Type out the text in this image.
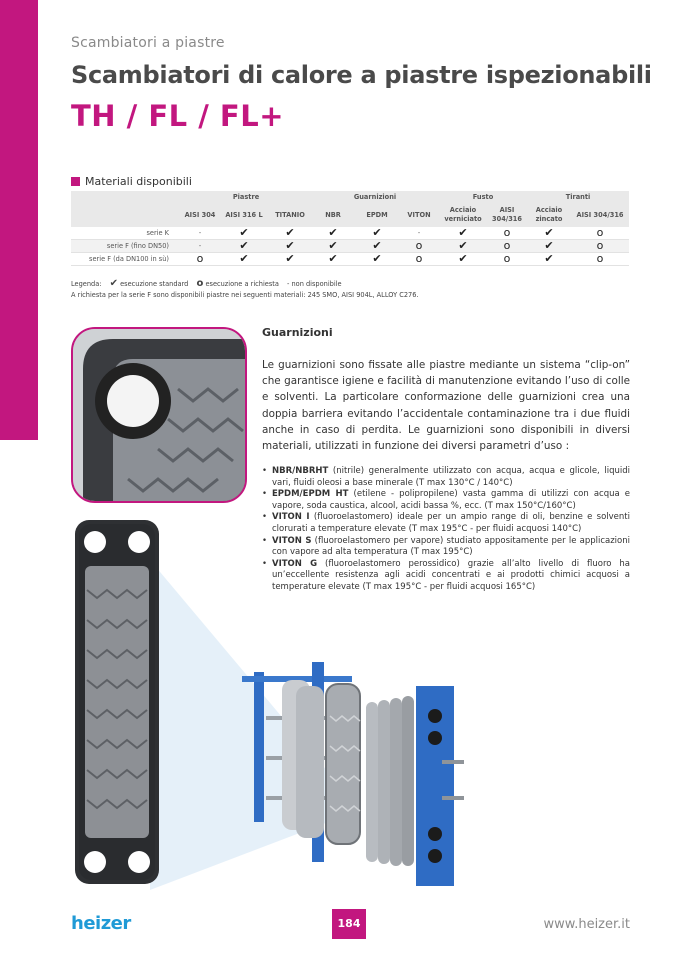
Scambiatori a piastre
Scambiatori di calore a piastre ispezionabili
TH / FL / FL+
Materiali disponibili
	Piastre			Guarnizioni			Fusto		Tiranti	
	AISI 304	AISI 316 L	TITANIO	NBR	EPDM	VITON	Acciaio verniciato	AISI 304/316	Acciaio zincato	AISI 304/316
serie K	-	✔	✔	✔	✔	-	✔	o	✔	o
serie F (fino DN50)	-	✔	✔	✔	✔	o	✔	o	✔	o
serie F (da DN100 in sù)	o	✔	✔	✔	✔	o	✔	o	✔	o
Legenda: ✔ esecuzione standard o esecuzione a richiesta - non disponibile
A richiesta per la serie F sono disponibili piastre nei seguenti materiali: 245 SMO, AISI 904L, ALLOY C276.
Guarnizioni

Le guarnizioni sono fissate alle piastre mediante un sistema “clip-on” che garantisce igiene e facilità di manutenzione evitando l’uso di colle e solventi. La particolare conformazione delle guarnizioni crea una doppia barriera evitando l’accidentale contaminazione tra i due fluidi anche in caso di perdita. Le guarnizioni sono disponibili in diversi materiali, utilizzati in funzione dei diversi parametri d’uso :

• NBR/NBRHT (nitrile) generalmente utilizzato con acqua, acqua e glicole, liquidi vari, fluidi oleosi a base minerale (T max 130°C / 140°C)
• EPDM/EPDM HT (etilene - polipropilene) vasta gamma di utilizzi con acqua e vapore, soda caustica, alcool, acidi bassa %, ecc. (T max 150°C/160°C)
• VITON I (fluoroelastomero) ideale per un ampio range di oli, benzine e solventi clorurati a temperature elevate (T max 195°C - per fluidi acquosi 140°C)
• VITON S (fluoroelastomero per vapore) studiato appositamente per le applicazioni con vapore ad alta temperatura (T max 195°C)
• VITON G (fluoroelastomero perossidico) grazie all’alto livello di fluoro ha un’eccellente resistenza agli acidi concentrati e ai prodotti chimici acquosi a temperature elevate (T max 195°C - per fluidi acquosi 165°C)
heizer	184	www.heizer.it
